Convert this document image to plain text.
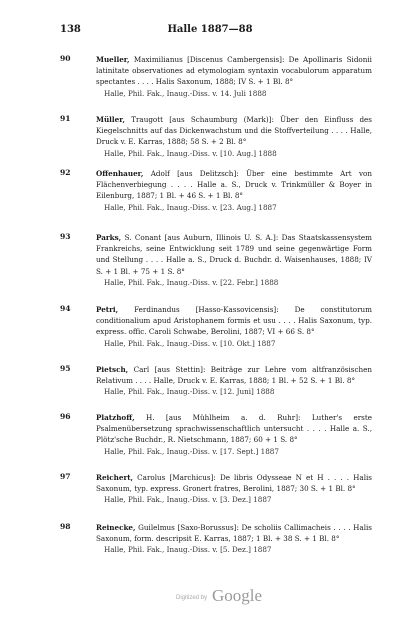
138	Halle 1887—88
90	Mueller, Maximilianus [Discenus Cambergensis]: De Apollinaris Sidonii latinitate observationes ad etymologiam syntaxin vocabulorum apparatum spectantes . . . . Halis Saxonum, 1888; IV S. + 1 Bl. 8°
Halle, Phil. Fak., Inaug.-Diss. v. 14. Juli 1888
91	Müller, Traugott [aus Schaumburg (Mark)]: Über den Einfluss des Kiegelschnitts auf das Dickenwachstum und die Stoffverteilung . . . . Halle, Druck v. E. Karras, 1888; 58 S. + 2 Bl. 8°
Halle, Phil. Fak., Inaug.-Diss. v. [10. Aug.] 1888
92	Offenhauer, Adolf [aus Delitzsch]: Über eine bestimmte Art von Flächenverbiegung . . . . Halle a. S., Druck v. Trinkmüller & Boyer in Eilenburg, 1887; 1 Bl. + 46 S. + 1 Bl. 8°
Halle, Phil. Fak., Inaug.-Diss. v. [23. Aug.] 1887
93	Parks, S. Conant [aus Auburn, Illinois U. S. A.]: Das Staatskassensystem Frankreichs, seine Entwicklung seit 1789 und seine gegenwärtige Form und Stellung . . . . Halle a. S., Druck d. Buchdr. d. Waisenhauses, 1888; IV S. + 1 Bl. + 75 + 1 S. 8°
Halle, Phil. Fak., Inaug.-Diss. v. [22. Febr.] 1888
94	Petri, Ferdinandus [Hasso-Kassovicensis]: De constitutorum conditionalium apud Aristophanem formis et usu . . . . Halis Saxonum, typ. express. offic. Caroli Schwabe, Berolini, 1887; VI + 66 S. 8°
Halle, Phil. Fak., Inaug.-Diss. v. [10. Okt.] 1887
95	Pietsch, Carl [aus Stettin]: Beiträge zur Lehre vom altfranzösischen Relativum . . . . Halle, Druck v. E. Karras, 1888; 1 Bl. + 52 S. + 1 Bl. 8°
Halle, Phil. Fak., Inaug.-Diss. v. [12. Juni] 1888
96	Platzhoff, H. [aus Mühlheim a. d. Ruhr]: Luther's erste Psalmenübersetzung sprachwissenschaftlich untersucht . . . . Halle a. S., Plötz'sche Buchdr., R. Nietschmann, 1887; 60 + 1 S. 8°
Halle, Phil. Fak., Inaug.-Diss. v. [17. Sept.] 1887
97	Reichert, Carolus [Marchicus]: De libris Odysseae N et H . . . . Halis Saxonum, typ. express. Gronert fratres, Berolini, 1887; 30 S. + 1 Bl. 8°
Halle, Phil. Fak., Inaug.-Diss. v. [3. Dez.] 1887
98	Reinecke, Guilelmus [Saxo-Borussus]: De scholiis Callimacheis . . . . Halis Saxonum, form. descripsit E. Karras, 1887; 1 Bl. + 38 S. + 1 Bl. 8°
Halle, Phil. Fak., Inaug.-Diss. v. [5. Dez.] 1887
Digitized by Google
